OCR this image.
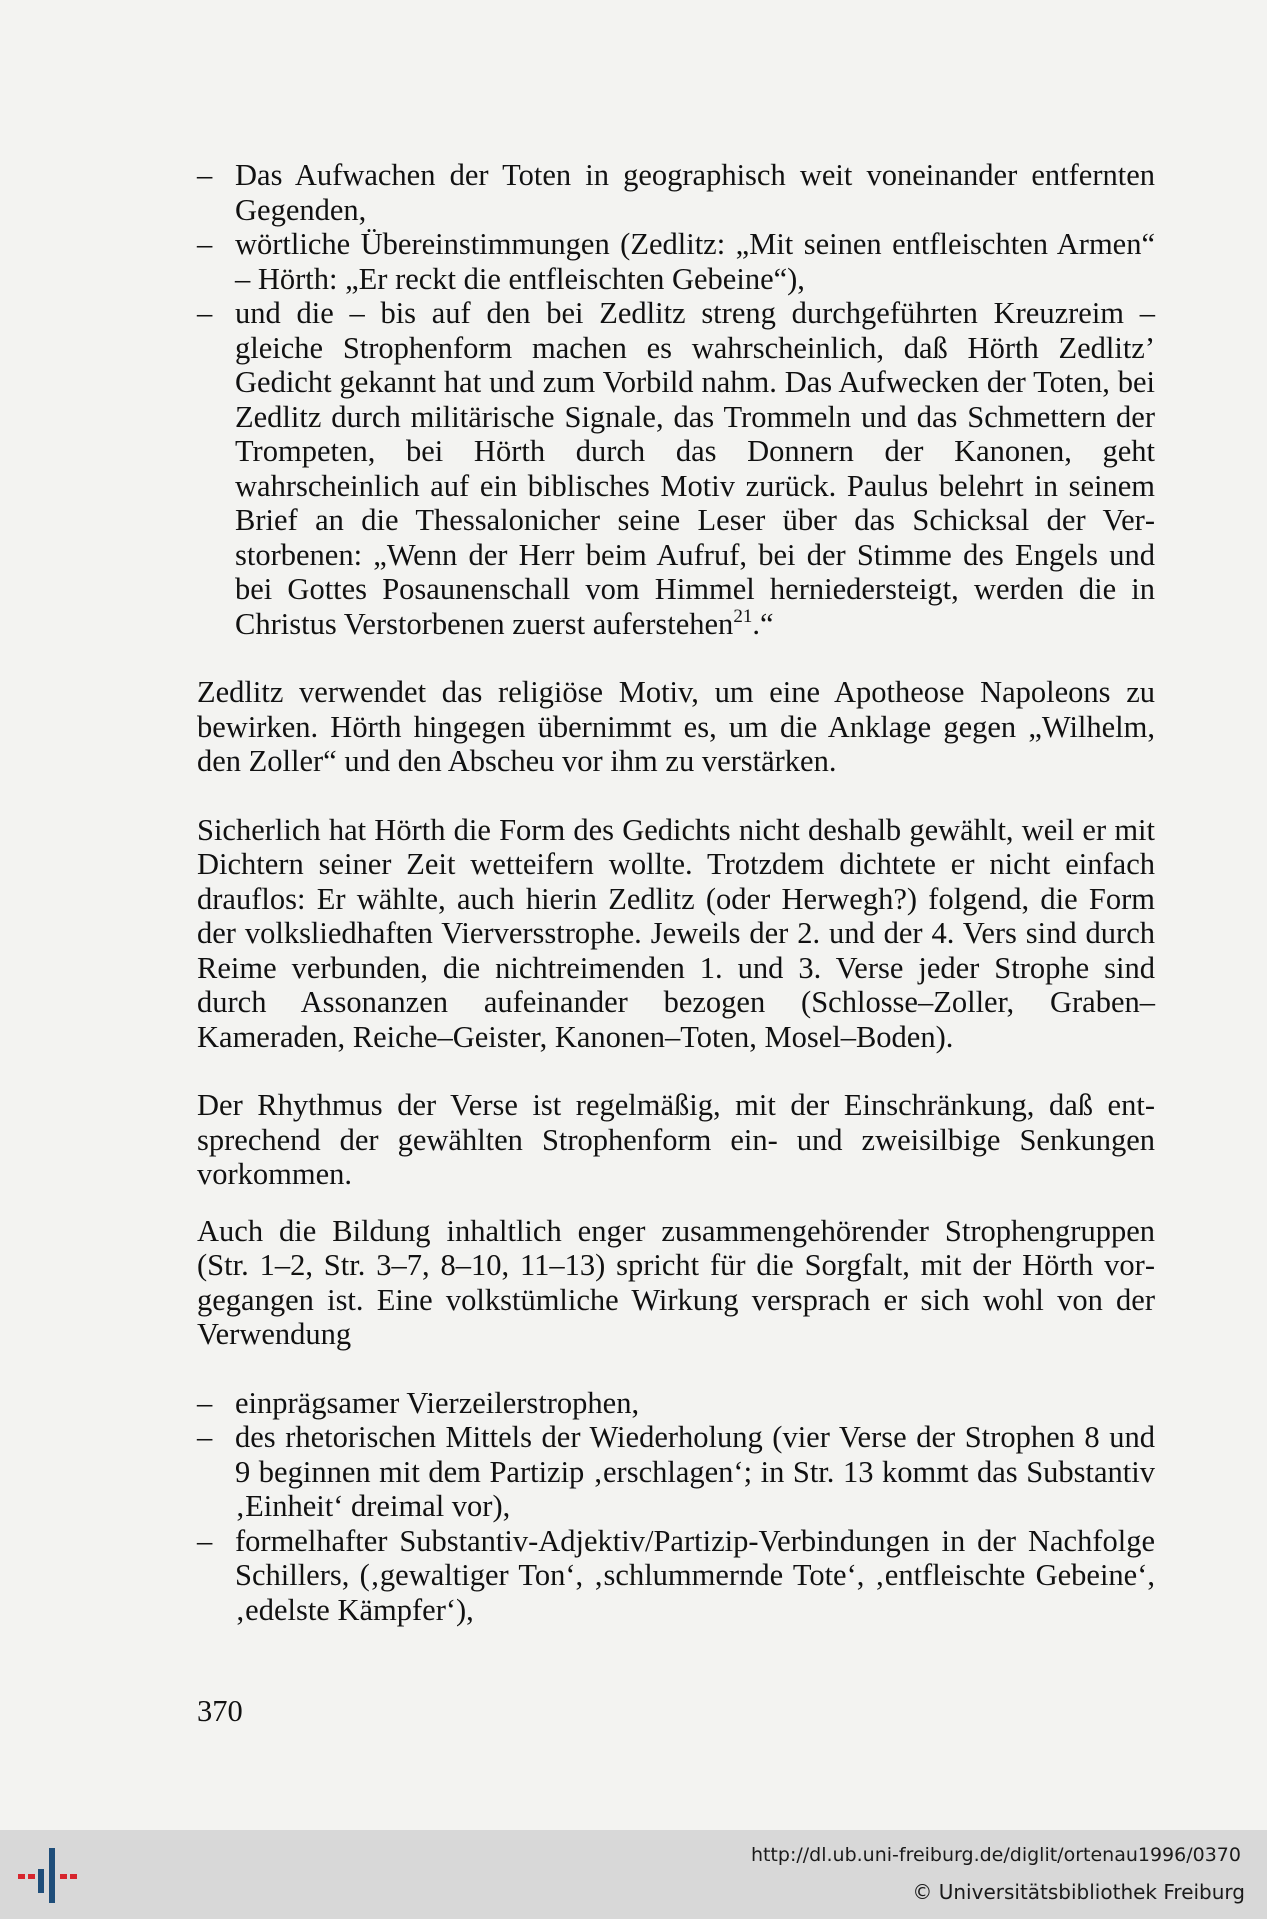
– Das Aufwachen der Toten in geographisch weit voneinander entfernten Gegenden,
– wörtliche Übereinstimmungen (Zedlitz: „Mit seinen entfleischten Armen“ – Hörth: „Er reckt die entfleischten Gebeine“),
– und die – bis auf den bei Zedlitz streng durchgeführten Kreuzreim – gleiche Strophenform machen es wahrscheinlich, daß Hörth Zedlitz’ Gedicht gekannt hat und zum Vorbild nahm. Das Aufwecken der Toten, bei Zedlitz durch militärische Signale, das Trommeln und das Schmettern der Trompeten, bei Hörth durch das Donnern der Kanonen, geht wahrscheinlich auf ein biblisches Motiv zurück. Paulus belehrt in seinem Brief an die Thessalonicher seine Leser über das Schicksal der Verstorbenen: „Wenn der Herr beim Aufruf, bei der Stimme des Engels und bei Gottes Posaunenschall vom Himmel herniedersteigt, werden die in Christus Verstorbenen zuerst auferstehen$^{21}$.“

Zedlitz verwendet das religiöse Motiv, um eine Apotheose Napoleons zu bewirken. Hörth hingegen übernimmt es, um die Anklage gegen „Wilhelm, den Zoller“ und den Abscheu vor ihm zu verstärken.

Sicherlich hat Hörth die Form des Gedichts nicht deshalb gewählt, weil er mit Dichtern seiner Zeit wetteifern wollte. Trotzdem dichtete er nicht einfach drauflos: Er wählte, auch hierin Zedlitz (oder Herwegh?) folgend, die Form der volksliedhaften Vierversstrophe. Jeweils der 2. und der 4. Vers sind durch Reime verbunden, die nichtreimenden 1. und 3. Verse jeder Strophe sind durch Assonanzen aufeinander bezogen (Schlosse–Zoller, Graben–Kameraden, Reiche–Geister, Kanonen–Toten, Mosel–Boden).

Der Rhythmus der Verse ist regelmäßig, mit der Einschränkung, daß entsprechend der gewählten Strophenform ein- und zweisilbige Senkungen vorkommen.

Auch die Bildung inhaltlich enger zusammengehörender Strophengruppen (Str. 1–2, Str. 3–7, 8–10, 11–13) spricht für die Sorgfalt, mit der Hörth vorgegangen ist. Eine volkstümliche Wirkung versprach er sich wohl von der Verwendung

– einprägsamer Vierzeilerstrophen,
– des rhetorischen Mittels der Wiederholung (vier Verse der Strophen 8 und 9 beginnen mit dem Partizip ‚erschlagen‘; in Str. 13 kommt das Substantiv ‚Einheit‘ dreimal vor),
– formelhafter Substantiv-Adjektiv/Partizip-Verbindungen in der Nachfolge Schillers, (‚gewaltiger Ton‘, ‚schlummernde Tote‘, ‚entfleischte Gebeine‘, ‚edelste Kämpfer‘),
370
http://dl.ub.uni-freiburg.de/diglit/ortenau1996/0370
© Universitätsbibliothek Freiburg
